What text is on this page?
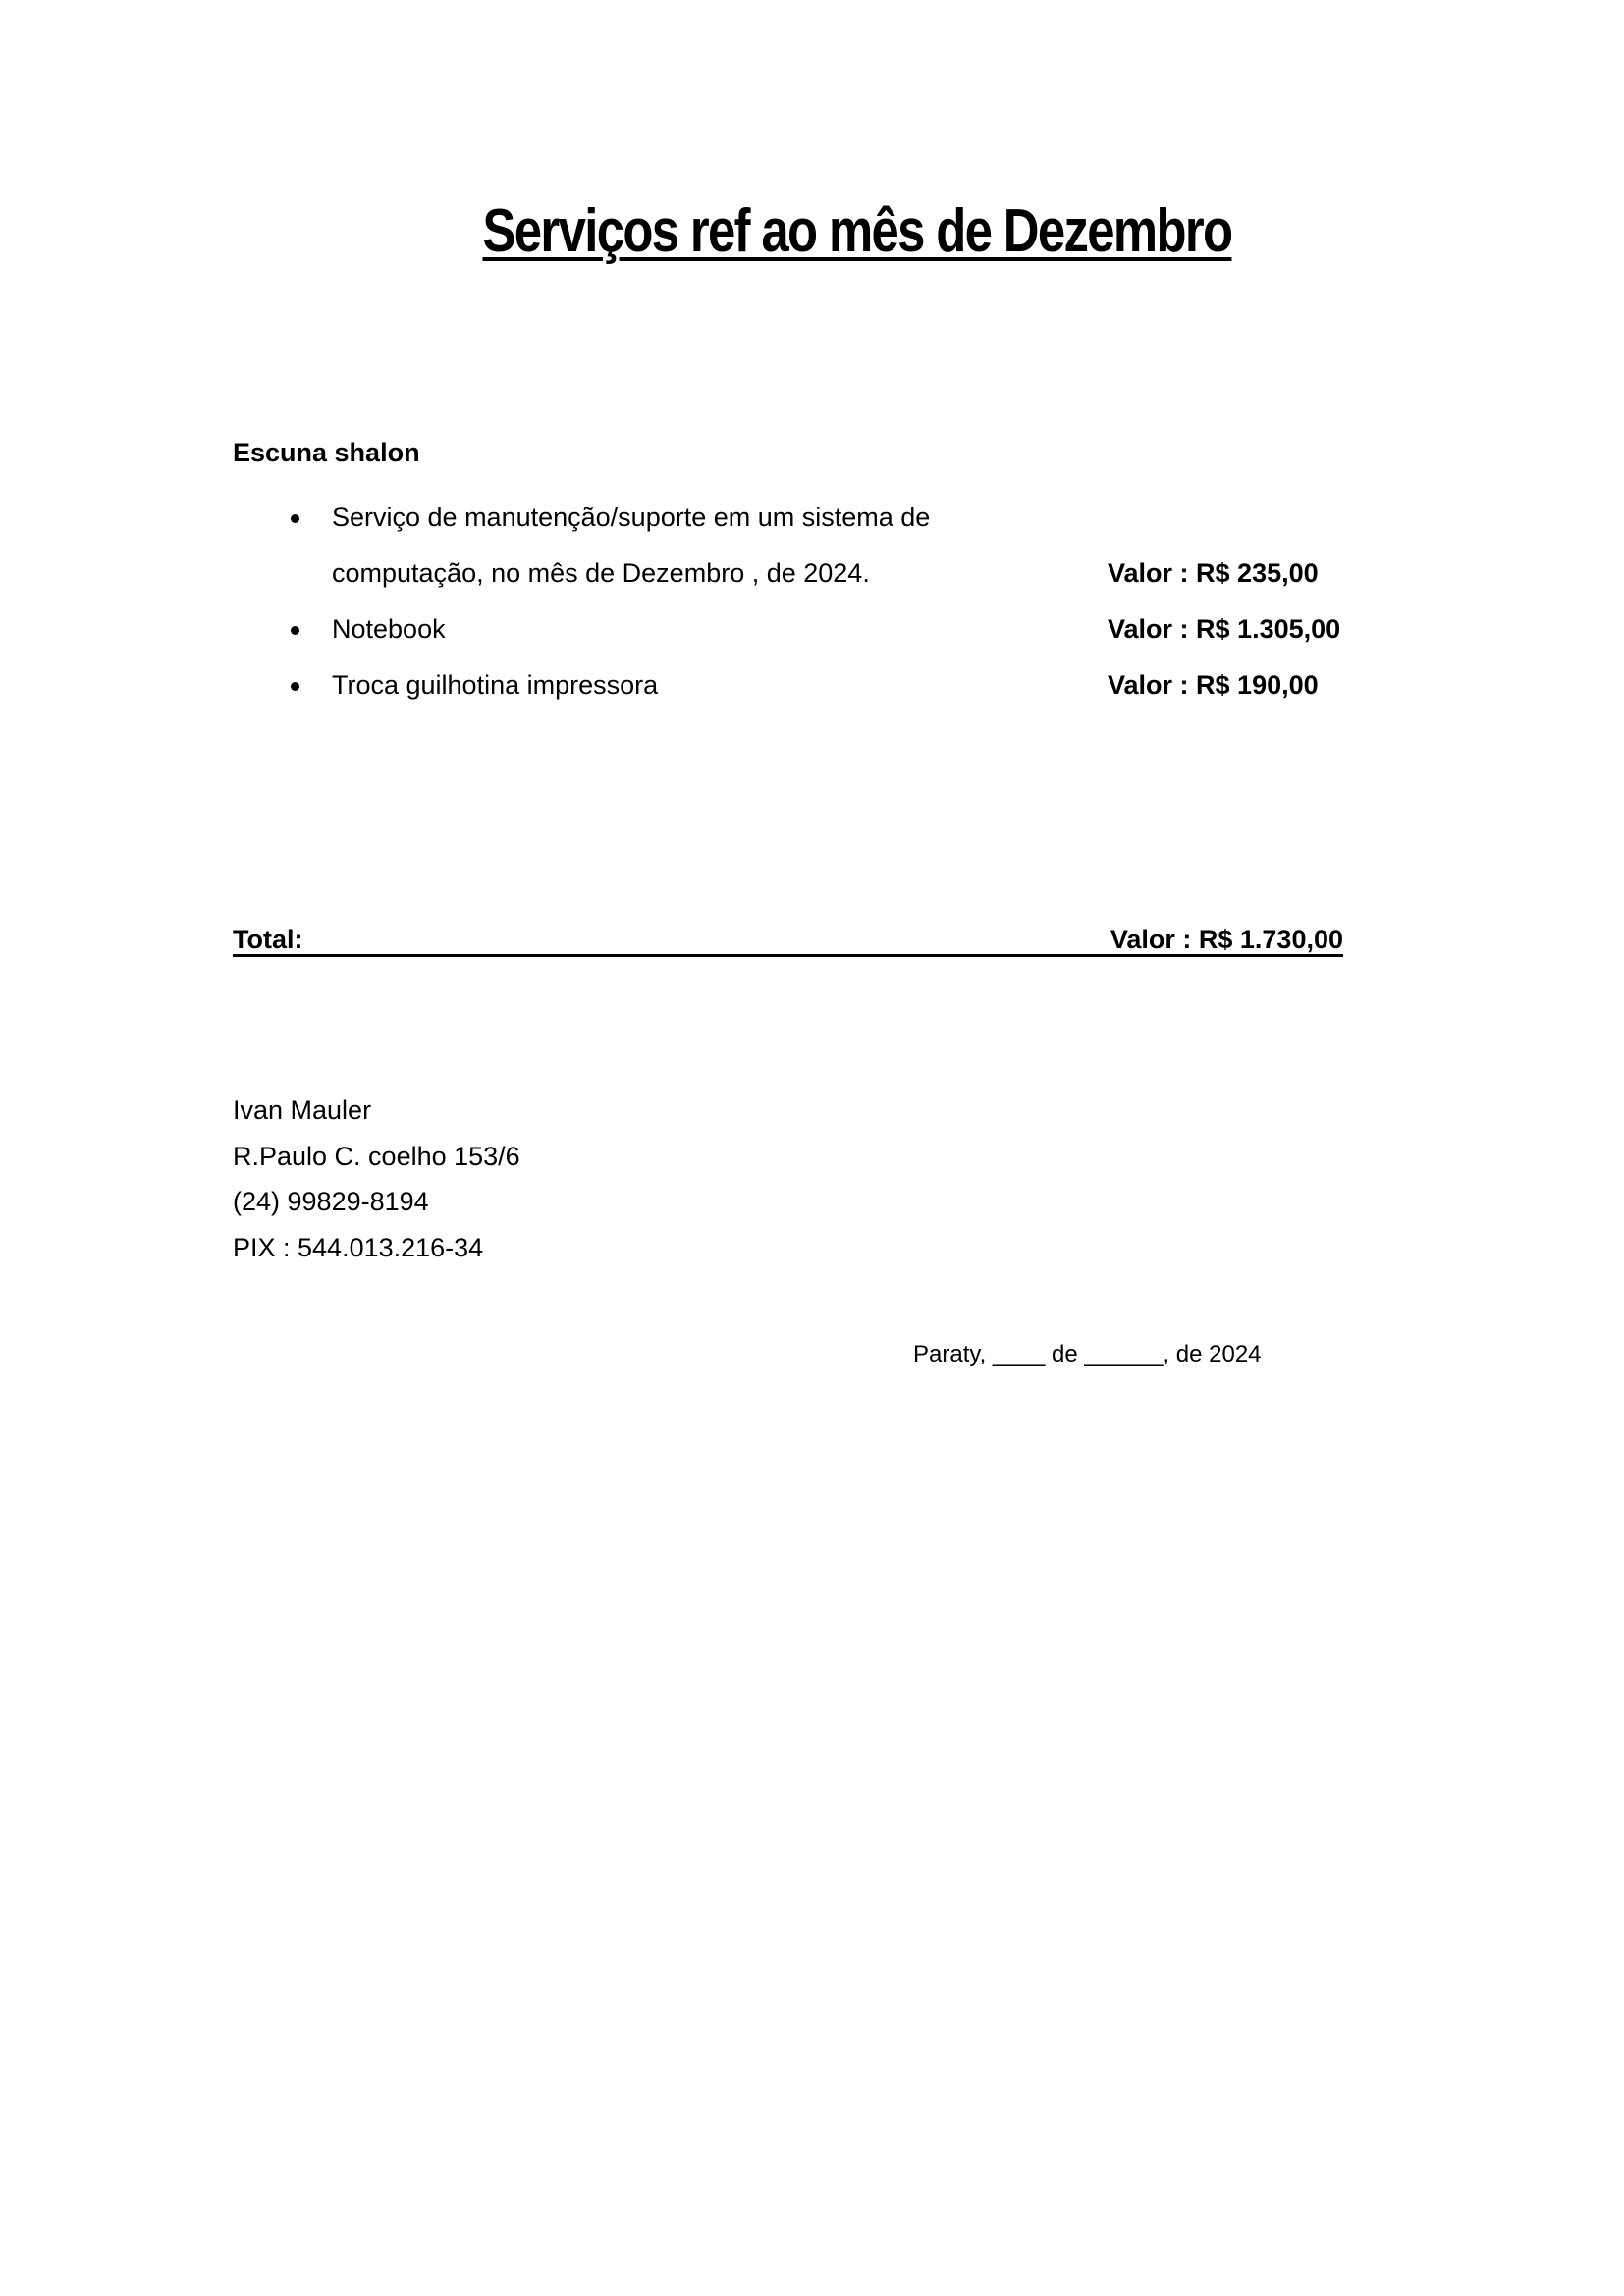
Serviços ref ao mês de Dezembro
Escuna shalon
Serviço de manutenção/suporte em um sistema de
computação, no mês de Dezembro , de 2024.	Valor : R$ 235,00
Notebook	Valor : R$ 1.305,00
Troca guilhotina impressora	Valor : R$ 190,00
Total:	Valor : R$ 1.730,00
Ivan Mauler
R.Paulo C. coelho 153/6
(24) 99829-8194
PIX : 544.013.216-34
Paraty, ____ de ______, de 2024
